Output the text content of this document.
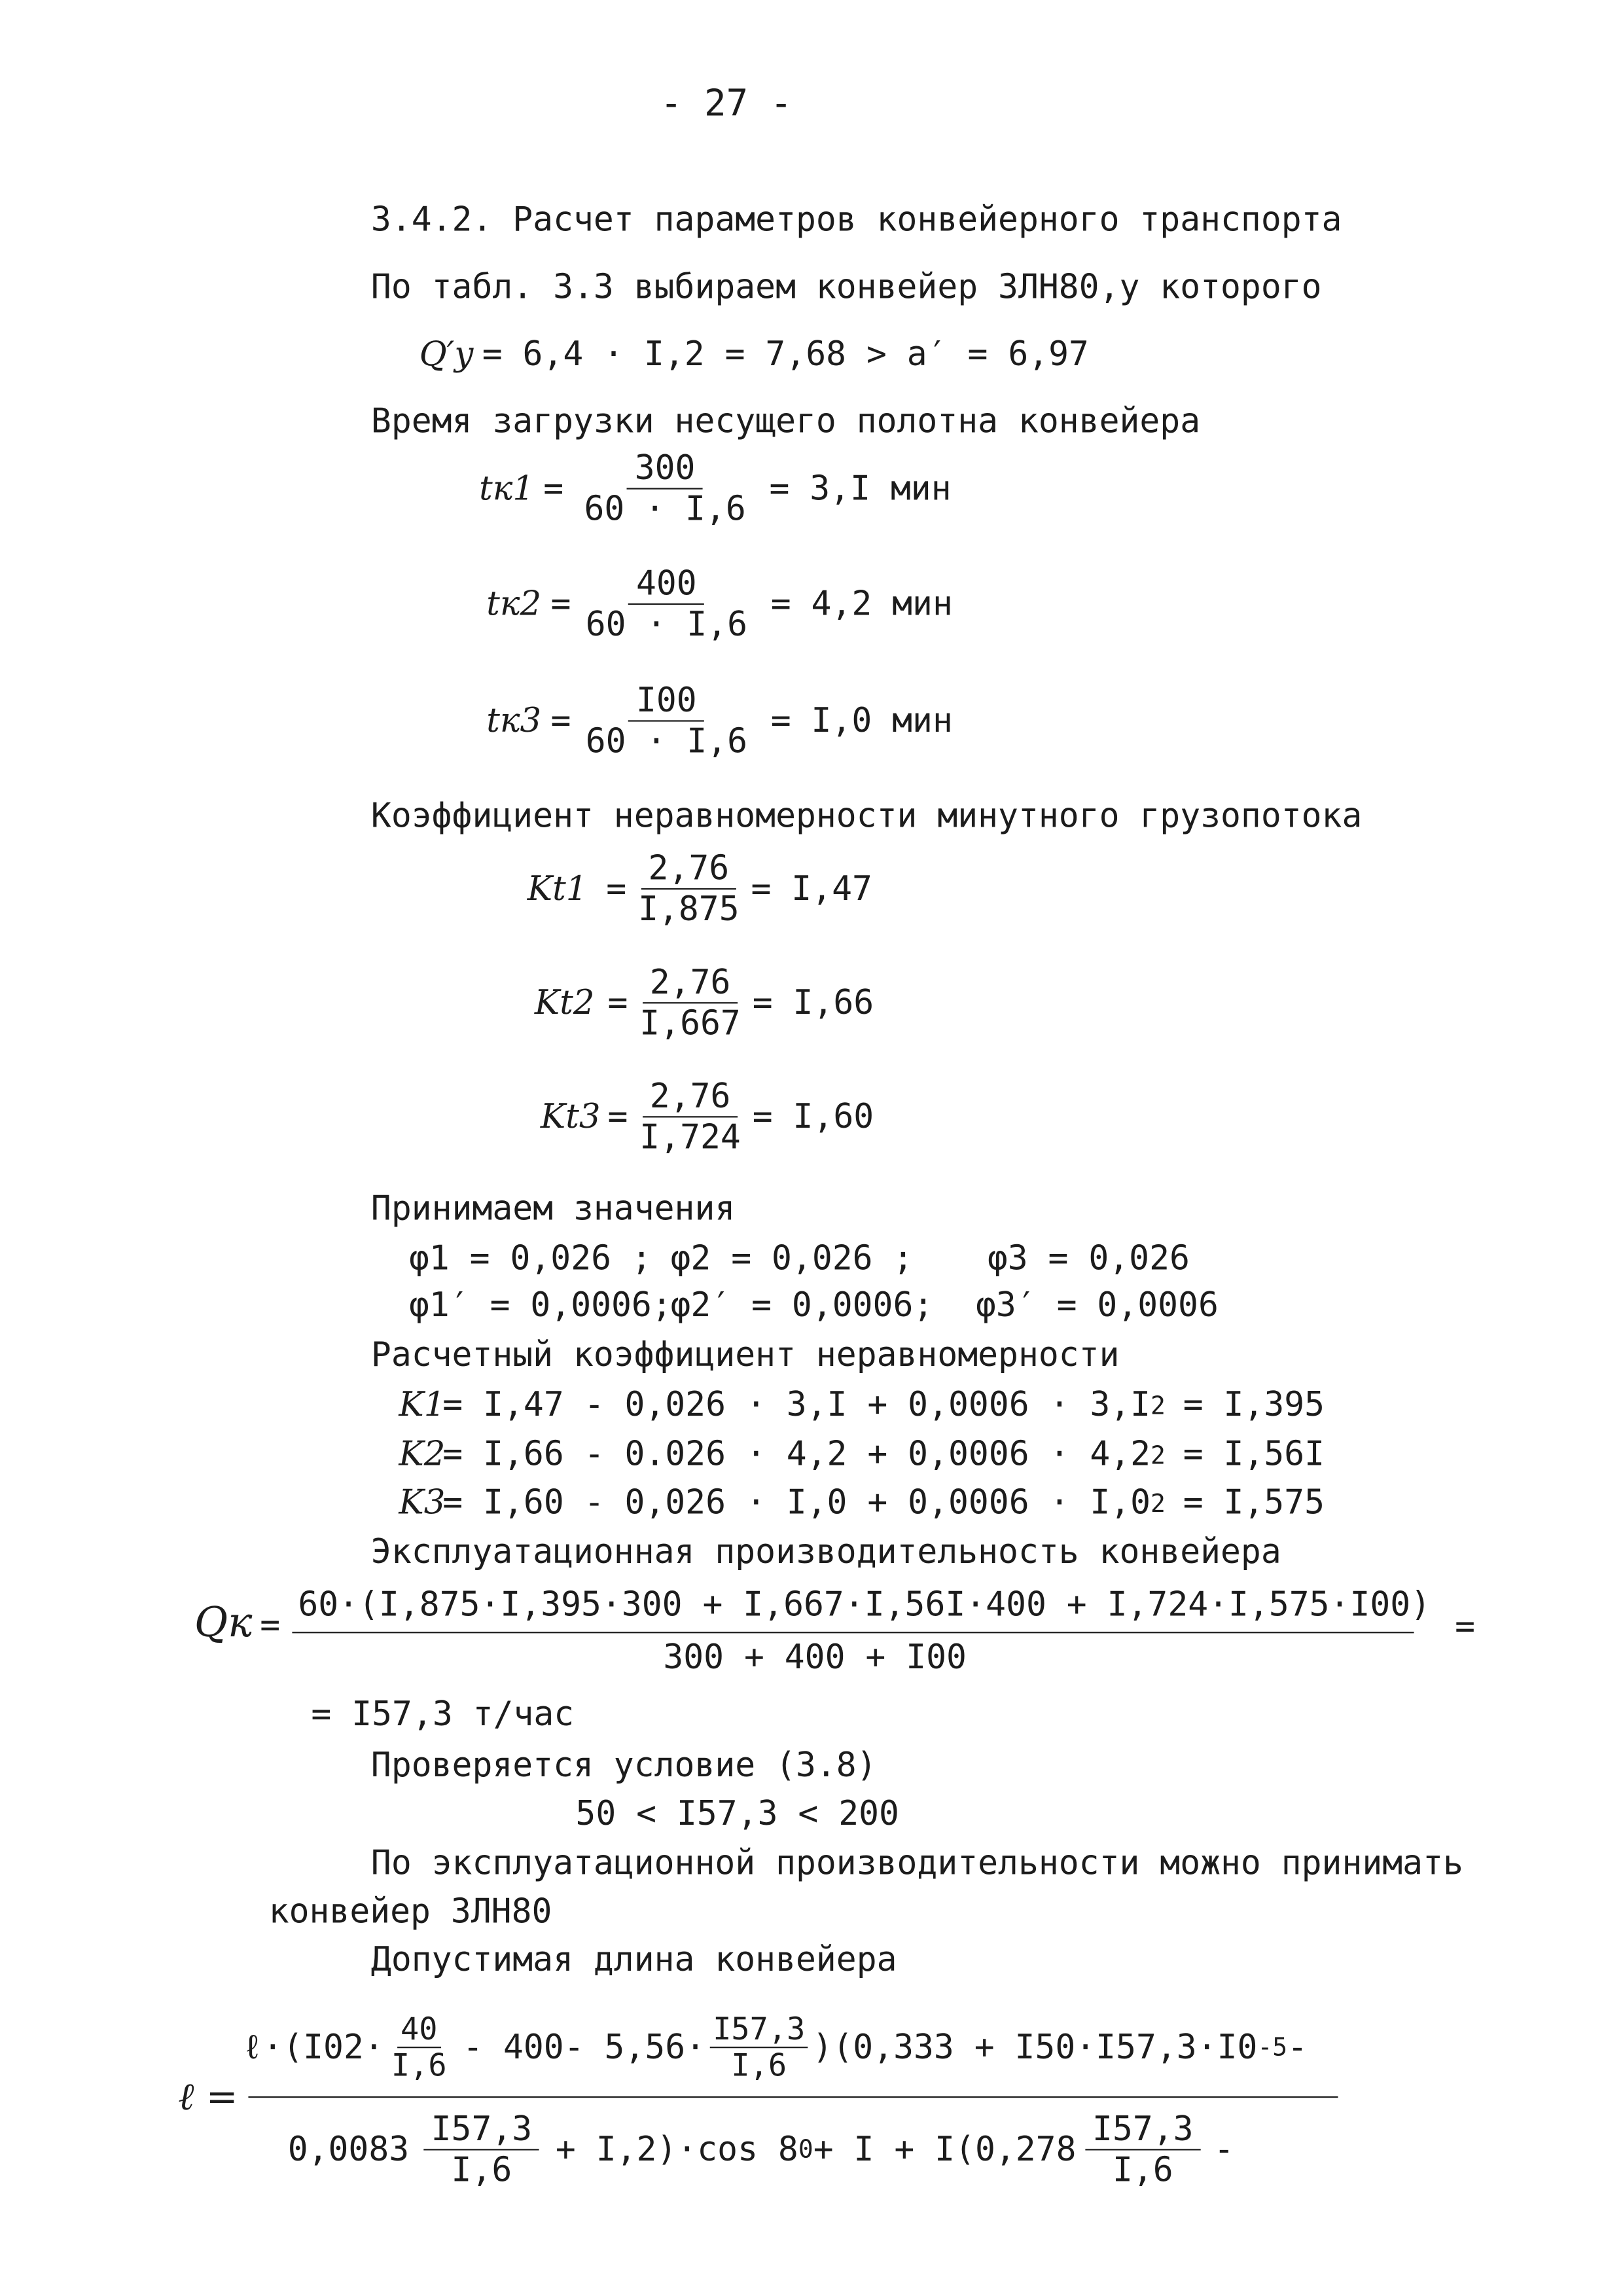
- 27 -
3.4.2. Расчет параметров конвейерного транспорта
По табл. 3.3 выбираем конвейер 3ЛН80,у которого
Q′y = 6,4 · I,2 = 7,68 > a′ = 6,97
Время загрузки несущего полотна конвейера
$tк1 = \frac{300}{60 \cdot I,6} = 3,I$ мин
$tк2 = \frac{400}{60 \cdot I,6} = 4,2$ мин
$tк3 = \frac{I00}{60 \cdot I,6} = I,0$ мин
Коэффициент неравномерности минутного грузопотока
Kt1	= $\frac{2,76}{I,875} = I,47$
$Kt2 = \frac{2,76}{I,667} = I,66$
$Kt3 = \frac{2,76}{I,724} = I,60$
Принимаем значения
φ1 = 0,026 ; φ2 = 0,026 ;	φ3 = 0,026
φ1′ = 0,0006;
φ2′ = 0,0006;	φ3′ = 0,0006
Расчетный коэффициент неравномерности
K1
= I,47 - 0,026 · 3,I + 0,0006 · 3,I 2 = I,395
K2
= I,66 - 0.026 · 4,2 + 0,0006 · 4,2 2 = I,56I
K3
= I,60 - 0,026 · I,0 + 0,0006 · I,0 2 = I,575
Эксплуатационная производительность конвейера
Qк =
60·(I,875·I,395·300 + I,667·I,56I·400 + I,724·I,575·I00)
300 + 400 + I00
=
= I57,3 т/час
Проверяется условие (3.8)
50 < I57,3 < 200
По эксплуатационной производительности можно принимать
конвейер 3ЛН80
Допустимая длина конвейера
ℓ =
ℓ·(I02· $\frac{40}{I,6} - 400-$ $5,56\cdot \frac{I57,3}{I,6} )(0,333 + I50\cdot I57,3\cdot I0$ -5 -
$0,0083 \frac{I57,3}{I,6} + I,2)\cdot\cos$ 8 $0 + I + I(0,278 \frac{I57,3}{I,6}$ -
